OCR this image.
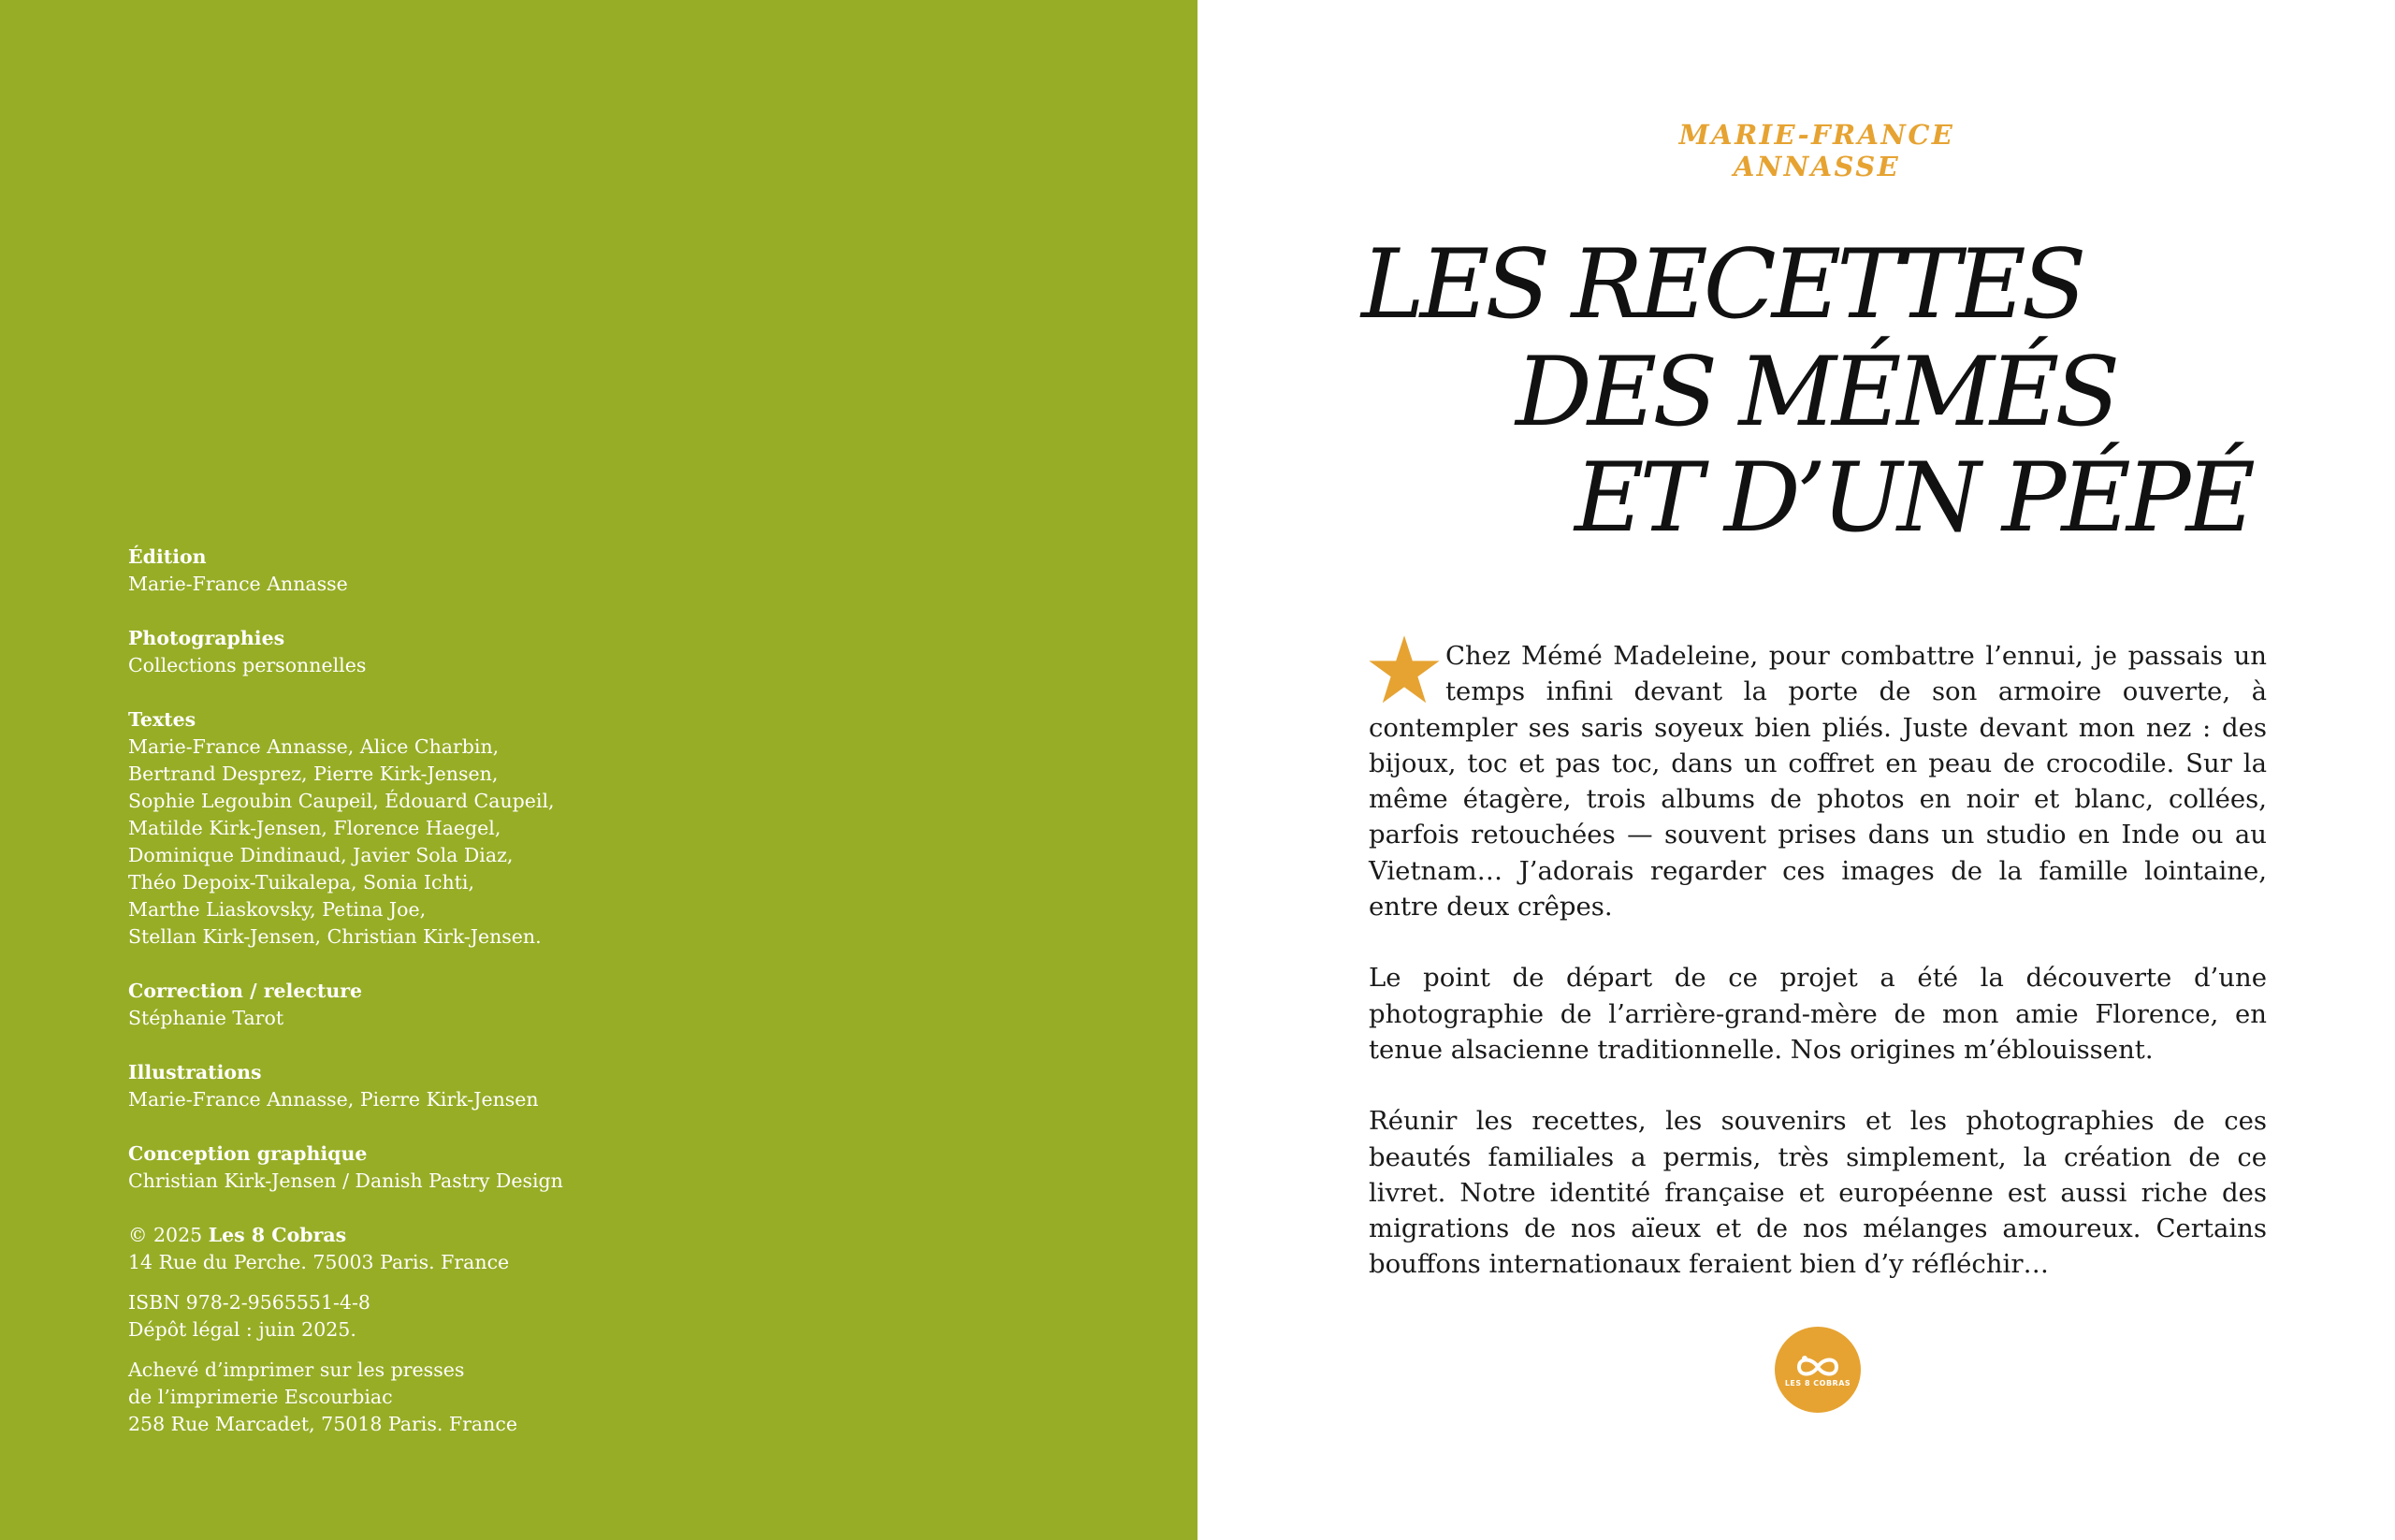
Édition
Marie-France Annasse
Photographies
Collections personnelles
Textes
Marie-France Annasse, Alice Charbin,
Bertrand Desprez, Pierre Kirk-Jensen,
Sophie Legoubin Caupeil, Édouard Caupeil,
Matilde Kirk-Jensen, Florence Haegel,
Dominique Dindinaud, Javier Sola Diaz,
Théo Depoix-Tuikalepa, Sonia Ichti,
Marthe Liaskovsky, Petina Joe,
Stellan Kirk-Jensen, Christian Kirk-Jensen.
Correction / relecture
Stéphanie Tarot
Illustrations
Marie-France Annasse, Pierre Kirk-Jensen
Conception graphique
Christian Kirk-Jensen / Danish Pastry Design
© 2025 Les 8 Cobras
14 Rue du Perche. 75003 Paris. France
ISBN 978-2-9565551-4-8
Dépôt légal : juin 2025.
Achevé d’imprimer sur les presses
de l’imprimerie Escourbiac
258 Rue Marcadet, 75018 Paris. France
MARIE-FRANCE ANNASSE
LES RECETTES
DES MÉMÉS
ET D’UN PÉPÉ

Chez Mémé Madeleine, pour combattre l’ennui, je passais un temps infini devant la porte de son armoire ouverte, à contempler ses saris soyeux bien pliés. Juste devant mon nez : des bijoux, toc et pas toc, dans un coffret en peau de crocodile. Sur la même étagère, trois albums de photos en noir et blanc, collées, parfois retouchées — souvent prises dans un studio en Inde ou au Vietnam… J’adorais regarder ces images de la famille lointaine, entre deux crêpes.

Le point de départ de ce projet a été la découverte d’une photographie de l’arrière-grand-mère de mon amie Florence, en tenue alsacienne traditionnelle. Nos origines m’éblouissent.

Réunir les recettes, les souvenirs et les photographies de ces beautés familiales a permis, très simplement, la création de ce livret. Notre identité française et européenne est aussi riche des migrations de nos aïeux et de nos mélanges amoureux. Certains bouffons internationaux feraient bien d’y réfléchir…

LES 8 COBRAS
